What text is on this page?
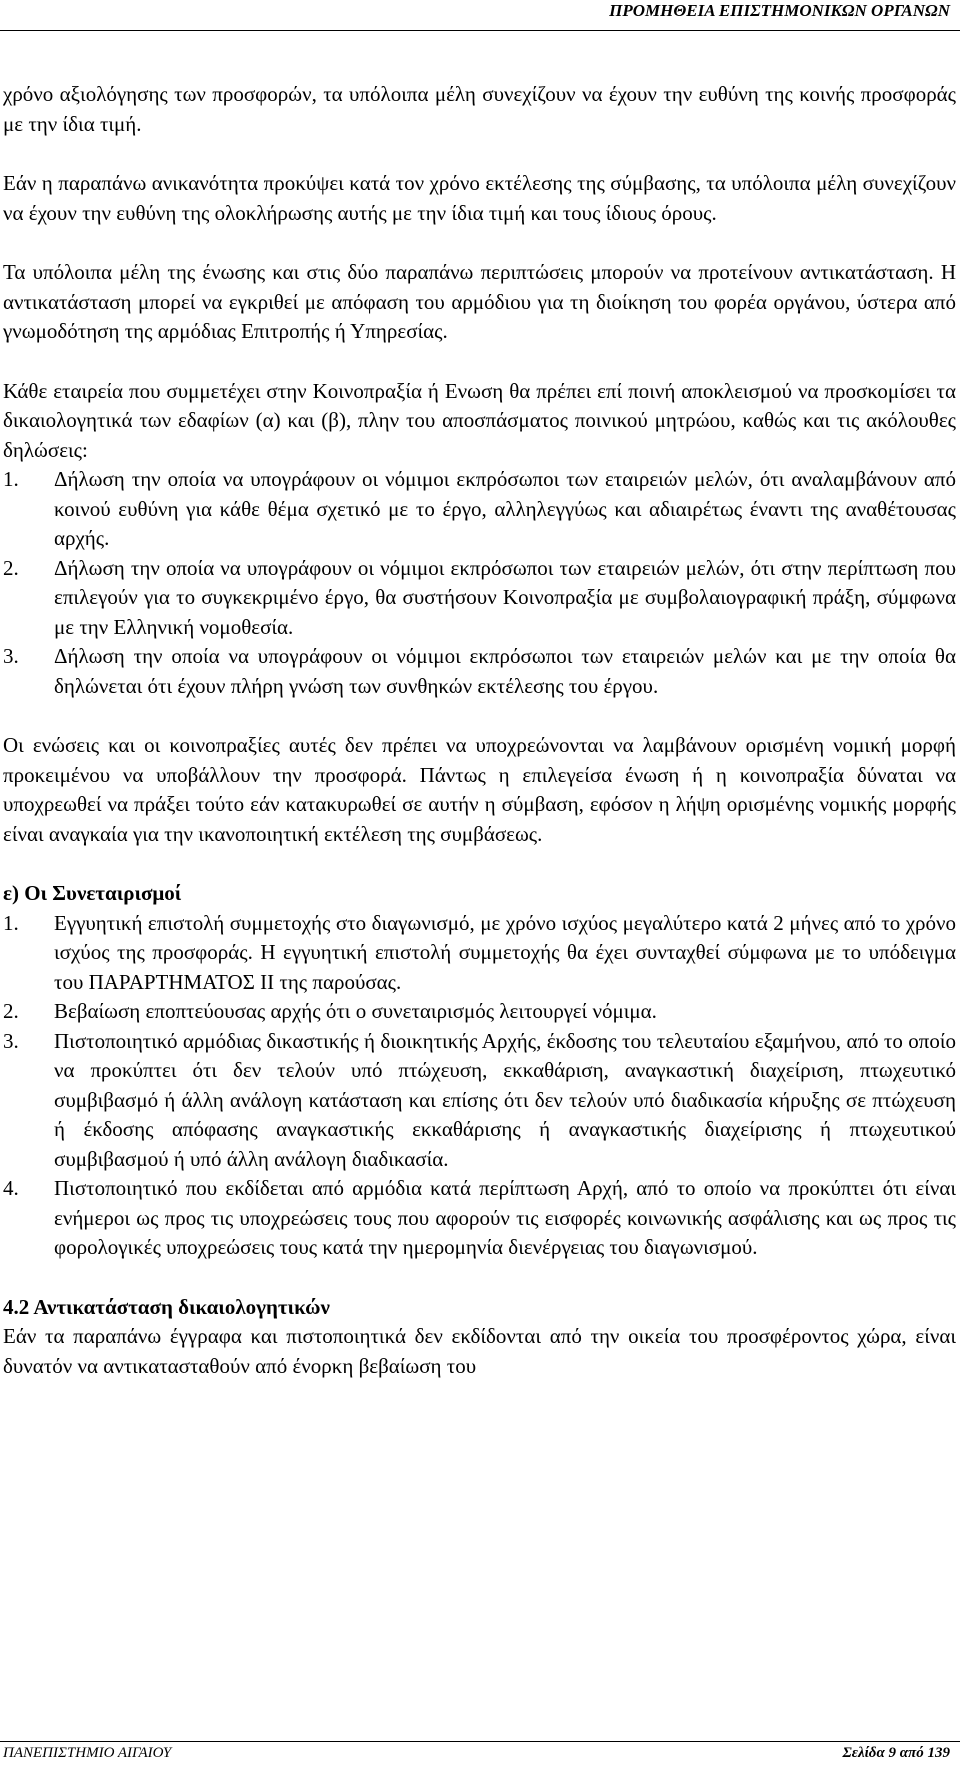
ΠΡΟΜΗΘΕΙΑ ΕΠΙΣΤΗΜΟΝΙΚΩΝ ΟΡΓΑΝΩΝ

χρόνο αξιολόγησης των προσφορών, τα υπόλοιπα μέλη συνεχίζουν να έχουν την ευθύνη της κοινής προσφοράς με την ίδια τιμή.

Εάν η παραπάνω ανικανότητα προκύψει κατά τον χρόνο εκτέλεσης της σύμβασης, τα υπόλοιπα μέλη συνεχίζουν να έχουν την ευθύνη της ολοκλήρωσης αυτής με την ίδια τιμή και τους ίδιους όρους.

Τα υπόλοιπα μέλη της ένωσης και στις δύο παραπάνω περιπτώσεις μπορούν να προτείνουν αντικατάσταση. Η αντικατάσταση μπορεί να εγκριθεί με απόφαση του αρμόδιου για τη διοίκηση του φορέα οργάνου, ύστερα από γνωμοδότηση της αρμόδιας Επιτροπής ή Υπηρεσίας.

Κάθε εταιρεία που συμμετέχει στην Κοινοπραξία ή Ενωση θα πρέπει επί ποινή αποκλεισμού να προσκομίσει τα δικαιολογητικά των εδαφίων (α) και (β), πλην του αποσπάσματος ποινικού μητρώου, καθώς και τις ακόλουθες δηλώσεις:

1. Δήλωση την οποία να υπογράφουν οι νόμιμοι εκπρόσωποι των εταιρειών μελών, ότι αναλαμβάνουν από κοινού ευθύνη για κάθε θέμα σχετικό με το έργο, αλληλεγγύως και αδιαιρέτως έναντι της αναθέτουσας αρχής.
2. Δήλωση την οποία να υπογράφουν οι νόμιμοι εκπρόσωποι των εταιρειών μελών, ότι στην περίπτωση που επιλεγούν για το συγκεκριμένο έργο, θα συστήσουν Κοινοπραξία με συμβολαιογραφική πράξη, σύμφωνα με την Ελληνική νομοθεσία.
3. Δήλωση την οποία να υπογράφουν οι νόμιμοι εκπρόσωποι των εταιρειών μελών και με την οποία θα δηλώνεται ότι έχουν πλήρη γνώση των συνθηκών εκτέλεσης του έργου.

Οι ενώσεις και οι κοινοπραξίες αυτές δεν πρέπει να υποχρεώνονται να λαμβάνουν ορισμένη νομική μορφή προκειμένου να υποβάλλουν την προσφορά. Πάντως η επιλεγείσα ένωση ή η κοινοπραξία δύναται να υποχρεωθεί να πράξει τούτο εάν κατακυρωθεί σε αυτήν η σύμβαση, εφόσον η λήψη ορισμένης νομικής μορφής είναι αναγκαία για την ικανοποιητική εκτέλεση της συμβάσεως.

ε) Οι Συνεταιρισμοί
1. Εγγυητική επιστολή συμμετοχής στο διαγωνισμό, με χρόνο ισχύος μεγαλύτερο κατά 2 μήνες από το χρόνο ισχύος της προσφοράς. Η εγγυητική επιστολή συμμετοχής θα έχει συνταχθεί σύμφωνα με το υπόδειγμα του ΠΑΡΑΡΤΗΜΑΤΟΣ ΙΙ της παρούσας.
2. Βεβαίωση εποπτεύουσας αρχής ότι ο συνεταιρισμός λειτουργεί νόμιμα.
3. Πιστοποιητικό αρμόδιας δικαστικής ή διοικητικής Αρχής, έκδοσης του τελευταίου εξαμήνου, από το οποίο να προκύπτει ότι δεν τελούν υπό πτώχευση, εκκαθάριση, αναγκαστική διαχείριση, πτωχευτικό συμβιβασμό ή άλλη ανάλογη κατάσταση και επίσης ότι δεν τελούν υπό διαδικασία κήρυξης σε πτώχευση ή έκδοσης απόφασης αναγκαστικής εκκαθάρισης ή αναγκαστικής διαχείρισης ή πτωχευτικού συμβιβασμού ή υπό άλλη ανάλογη διαδικασία.
4. Πιστοποιητικό που εκδίδεται από αρμόδια κατά περίπτωση Αρχή, από το οποίο να προκύπτει ότι είναι ενήμεροι ως προς τις υποχρεώσεις τους που αφορούν τις εισφορές κοινωνικής ασφάλισης και ως προς τις φορολογικές υποχρεώσεις τους κατά την ημερομηνία διενέργειας του διαγωνισμού.
4.2 Αντικατάσταση δικαιολογητικών

Εάν τα παραπάνω έγγραφα και πιστοποιητικά δεν εκδίδονται από την οικεία του προσφέροντος χώρα, είναι δυνατόν να αντικατασταθούν από ένορκη βεβαίωση του

ΠΑΝΕΠΙΣΤΗΜΙΟ ΑΙΓΑΙΟΥ	Σελίδα 9 από 139
